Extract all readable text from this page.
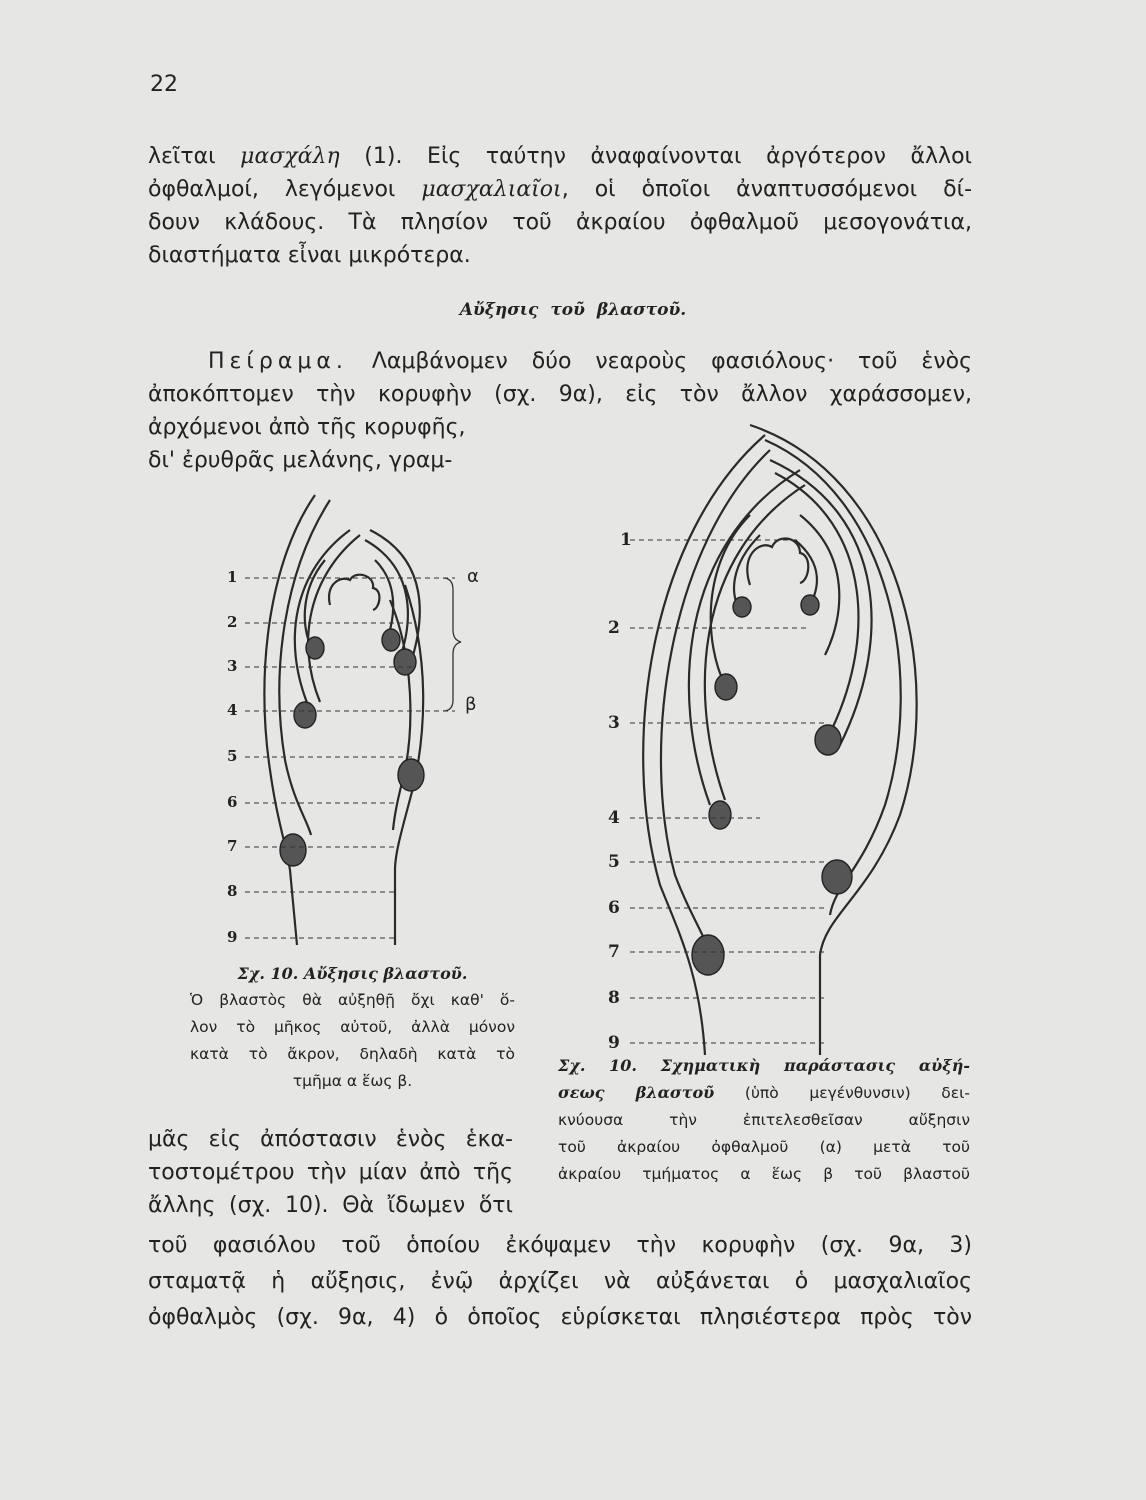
22
λεῖται μασχάλη (1). Εἰς ταύτην ἀναφαίνονται ἀργότερον ἄλλοι
ὀφθαλμοί, λεγόμενοι μασχαλιαῖοι, οἱ ὁποῖοι ἀναπτυσσόμενοι δί-
δουν κλάδους. Τὰ πλησίον τοῦ ἀκραίου ὀφθαλμοῦ μεσογονάτια,
διαστήματα εἶναι μικρότερα.
Αὔξησις τοῦ βλαστοῦ.
Πείραμα. Λαμβάνομεν δύο νεαροὺς φασιόλους· τοῦ ἑνὸς
ἀποκόπτομεν τὴν κορυφὴν (σχ. 9α), εἰς τὸν ἄλλον χαράσσομεν,
ἀρχόμενοι ἀπὸ τῆς κορυφῆς,
δι' ἐρυθρᾶς μελάνης, γραμ-
α
β
1
2
3
4
5
6
7
8
9
Σχ. 10. Αὔξησις βλαστοῦ.
Ὁ βλαστὸς θὰ αὐξηθῇ ὄχι καθ' ὅ-
λον τὸ μῆκος αὐτοῦ, ἀλλὰ μόνον
κατὰ τὸ ἄκρον, δηλαδὴ κατὰ τὸ
τμῆμα α ἕως β.
1
2
3
4
5
6
7
8
9
Σχ. 10. Σχηματικὴ παράστασις αὐξή-
σεως βλαστοῦ (ὑπὸ μεγένθυνσιν) δει-
κνύουσα τὴν ἐπιτελεσθεῖσαν αὔξησιν
τοῦ ἀκραίου ὀφθαλμοῦ (α) μετὰ τοῦ
ἀκραίου τμήματος α ἕως β τοῦ βλαστοῦ
μᾶς εἰς ἀπόστασιν ἑνὸς ἑκα-
τοστομέτρου τὴν μίαν ἀπὸ τῆς
ἄλλης (σχ. 10). Θὰ ἴδωμεν ὅτι
τοῦ φασιόλου τοῦ ὁποίου ἐκόψαμεν τὴν κορυφὴν (σχ. 9α, 3)
σταματᾷ ἡ αὔξησις, ἐνῷ ἀρχίζει νὰ αὐξάνεται ὁ μασχαλιαῖος
ὀφθαλμὸς (σχ. 9α, 4) ὁ ὁποῖος εὑρίσκεται πλησιέστερα πρὸς τὸν
